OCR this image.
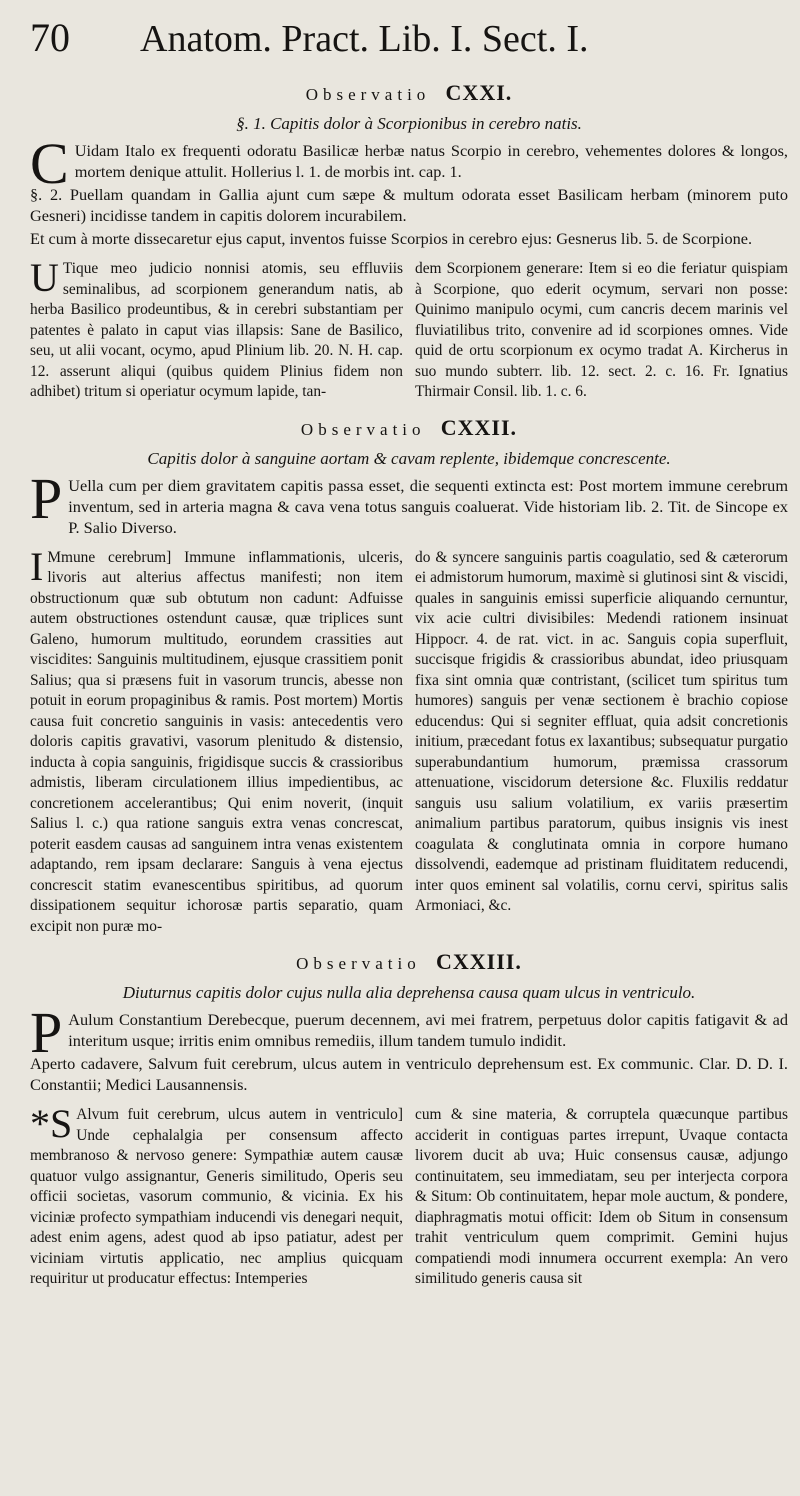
70	Anatom. Pract. Lib. I. Sect. I.
Observatio CXXI.
§. 1. Capitis dolor à Scorpionibus in cerebro natis.

C Uidam Italo ex frequenti odoratu Basilicæ herbæ natus Scorpio in cerebro, vehementes dolores & longos, mortem denique attulit. Hollerius l. 1. de morbis int. cap. 1.

§. 2. Puellam quandam in Gallia ajunt cum sæpe & multum odorata esset Basilicam herbam (minorem puto Gesneri) incidisse tandem in capitis dolorem incurabilem.

Et cum à morte dissecaretur ejus caput, inventos fuisse Scorpios in cerebro ejus: Gesnerus lib. 5. de Scorpione.

U Tique meo judicio nonnisi atomis, seu effluviis seminalibus, ad scorpionem generandum natis, ab herba Basilico prodeuntibus, & in cerebri substantiam per patentes è palato in caput vias illapsis: Sane de Basilico, seu, ut alii vocant, ocymo, apud Plinium lib. 20. N. H. cap. 12. asserunt aliqui (quibus quidem Plinius fidem non adhibet) tritum si operiatur ocymum lapide, tan-
dem Scorpionem generare: Item si eo die feriatur quispiam à Scorpione, quo ederit ocymum, servari non posse: Quinimo manipulo ocymi, cum cancris decem marinis vel fluviatilibus trito, convenire ad id scorpiones omnes. Vide quid de ortu scorpionum ex ocymo tradat A. Kircherus in suo mundo subterr. lib. 12. sect. 2. c. 16. Fr. Ignatius Thirmair Consil. lib. 1. c. 6.
Observatio CXXII.
Capitis dolor à sanguine aortam & cavam replente, ibidemque concrescente.

P Uella cum per diem gravitatem capitis passa esset, die sequenti extincta est: Post mortem immune cerebrum inventum, sed in arteria magna & cava vena totus sanguis coaluerat. Vide historiam lib. 2. Tit. de Sincope ex P. Salio Diverso.

I Mmune cerebrum] Immune inflammationis, ulceris, livoris aut alterius affectus manifesti; non item obstructionum quæ sub obtutum non cadunt: Adfuisse autem obstructiones ostendunt causæ, quæ triplices sunt Galeno, humorum multitudo, eorundem crassities aut viscidites: Sanguinis multitudinem, ejusque crassitiem ponit Salius; qua si præsens fuit in vasorum truncis, abesse non potuit in eorum propaginibus & ramis. Post mortem) Mortis causa fuit concretio sanguinis in vasis: antecedentis vero doloris capitis gravativi, vasorum plenitudo & distensio, inducta à copia sanguinis, frigidisque succis & crassioribus admistis, liberam circulationem illius impedientibus, ac concretionem accelerantibus; Qui enim noverit, (inquit Salius l. c.) qua ratione sanguis extra venas concrescat, poterit easdem causas ad sanguinem intra venas existentem adaptando, rem ipsam declarare: Sanguis à vena ejectus concrescit statim evanescentibus spiritibus, ad quorum dissipationem sequitur ichorosæ partis separatio, quam excipit non puræ mo-
do & syncere sanguinis partis coagulatio, sed & cæterorum ei admistorum humorum, maximè si glutinosi sint & viscidi, quales in sanguinis emissi superficie aliquando cernuntur, vix acie cultri divisibiles: Medendi rationem insinuat Hippocr. 4. de rat. vict. in ac. Sanguis copia superfluit, succisque frigidis & crassioribus abundat, ideo priusquam fixa sint omnia quæ contristant, (scilicet tum spiritus tum humores) sanguis per venæ sectionem è brachio copiose educendus: Qui si segniter effluat, quia adsit concretionis initium, præcedant fotus ex laxantibus; subsequatur purgatio superabundantium humorum, præmissa crassorum attenuatione, viscidorum detersione &c. Fluxilis reddatur sanguis usu salium volatilium, ex variis præsertim animalium partibus paratorum, quibus insignis vis inest coagulata & conglutinata omnia in corpore humano dissolvendi, eademque ad pristinam fluiditatem reducendi, inter quos eminent sal volatilis, cornu cervi, spiritus salis Armoniaci, &c.
Observatio CXXIII.
Diuturnus capitis dolor cujus nulla alia deprehensa causa quam ulcus in ventriculo.

P Aulum Constantium Derebecque, puerum decennem, avi mei fratrem, perpetuus dolor capitis fatigavit & ad interitum usque; irritis enim omnibus remediis, illum tandem tumulo indidit.

Aperto cadavere, Salvum fuit cerebrum, ulcus autem in ventriculo deprehensum est. Ex communic. Clar. D. D. I. Constantii; Medici Lausannensis.

*S Alvum fuit cerebrum, ulcus autem in ventriculo] Unde cephalalgia per consensum affecto membranoso & nervoso genere: Sympathiæ autem causæ quatuor vulgo assignantur, Generis similitudo, Operis seu officii societas, vasorum communio, & vicinia. Ex his viciniæ profecto sympathiam inducendi vis denegari nequit, adest enim agens, adest quod ab ipso patiatur, adest per viciniam virtutis applicatio, nec amplius quicquam requiritur ut producatur effectus: Intemperies
cum & sine materia, & corruptela quæcunque partibus acciderit in contiguas partes irrepunt, Uvaque contacta livorem ducit ab uva; Huic consensus causæ, adjungo continuitatem, seu immediatam, seu per interjecta corpora & Situm: Ob continuitatem, hepar mole auctum, & pondere, diaphragmatis motui officit: Idem ob Situm in consensum trahit ventriculum quem comprimit. Gemini hujus compatiendi modi innumera occurrent exempla: An vero similitudo generis causa sit
